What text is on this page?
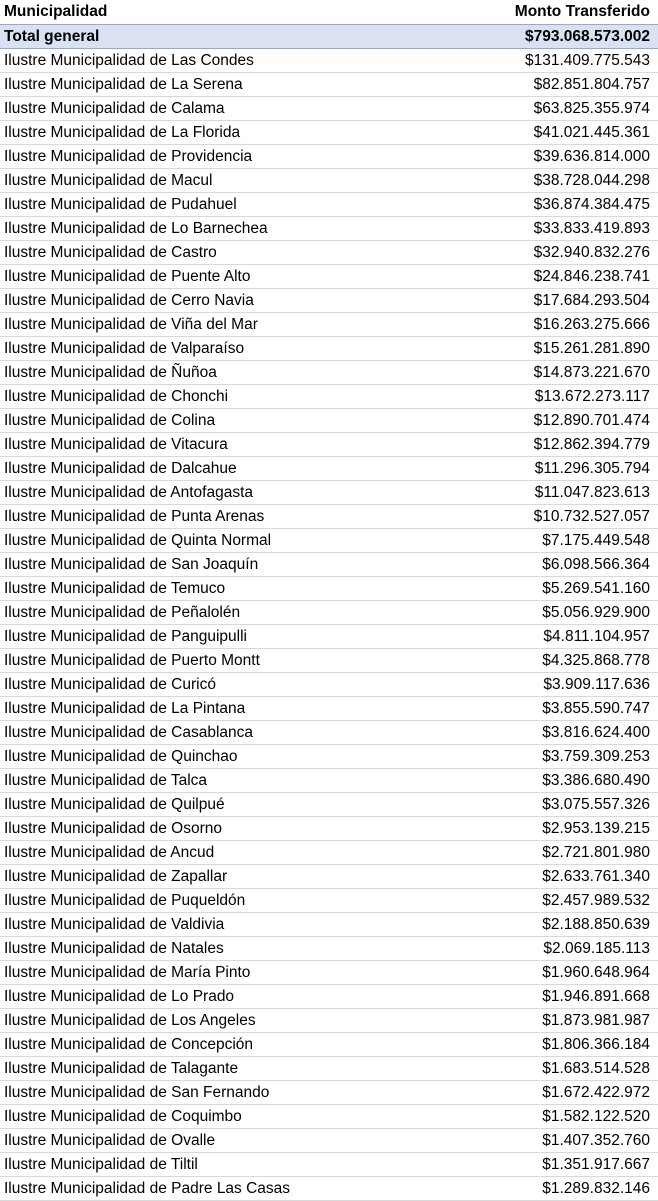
Municipalidad	Monto Transferido
Total general	$793.068.573.002
Ilustre Municipalidad de Las Condes	$131.409.775.543
Ilustre Municipalidad de La Serena	$82.851.804.757
Ilustre Municipalidad de Calama	$63.825.355.974
Ilustre Municipalidad de La Florida	$41.021.445.361
Ilustre Municipalidad de Providencia	$39.636.814.000
Ilustre Municipalidad de Macul	$38.728.044.298
Ilustre Municipalidad de Pudahuel	$36.874.384.475
Ilustre Municipalidad de Lo Barnechea	$33.833.419.893
Ilustre Municipalidad de Castro	$32.940.832.276
Ilustre Municipalidad de Puente Alto	$24.846.238.741
Ilustre Municipalidad de Cerro Navia	$17.684.293.504
Ilustre Municipalidad de Viña del Mar	$16.263.275.666
Ilustre Municipalidad de Valparaíso	$15.261.281.890
Ilustre Municipalidad de Ñuñoa	$14.873.221.670
Ilustre Municipalidad de Chonchi	$13.672.273.117
Ilustre Municipalidad de Colina	$12.890.701.474
Ilustre Municipalidad de Vitacura	$12.862.394.779
Ilustre Municipalidad de Dalcahue	$11.296.305.794
Ilustre Municipalidad de Antofagasta	$11.047.823.613
Ilustre Municipalidad de Punta Arenas	$10.732.527.057
Ilustre Municipalidad de Quinta Normal	$7.175.449.548
Ilustre Municipalidad de San Joaquín	$6.098.566.364
Ilustre Municipalidad de Temuco	$5.269.541.160
Ilustre Municipalidad de Peñalolén	$5.056.929.900
Ilustre Municipalidad de Panguipulli	$4.811.104.957
Ilustre Municipalidad de Puerto Montt	$4.325.868.778
Ilustre Municipalidad de Curicó	$3.909.117.636
Ilustre Municipalidad de La Pintana	$3.855.590.747
Ilustre Municipalidad de Casablanca	$3.816.624.400
Ilustre Municipalidad de Quinchao	$3.759.309.253
Ilustre Municipalidad de Talca	$3.386.680.490
Ilustre Municipalidad de Quilpué	$3.075.557.326
Ilustre Municipalidad de Osorno	$2.953.139.215
Ilustre Municipalidad de Ancud	$2.721.801.980
Ilustre Municipalidad de Zapallar	$2.633.761.340
Ilustre Municipalidad de Puqueldón	$2.457.989.532
Ilustre Municipalidad de Valdivia	$2.188.850.639
Ilustre Municipalidad de Natales	$2.069.185.113
Ilustre Municipalidad de María Pinto	$1.960.648.964
Ilustre Municipalidad de Lo Prado	$1.946.891.668
Ilustre Municipalidad de Los Angeles	$1.873.981.987
Ilustre Municipalidad de Concepción	$1.806.366.184
Ilustre Municipalidad de Talagante	$1.683.514.528
Ilustre Municipalidad de San Fernando	$1.672.422.972
Ilustre Municipalidad de Coquimbo	$1.582.122.520
Ilustre Municipalidad de Ovalle	$1.407.352.760
Ilustre Municipalidad de Tiltil	$1.351.917.667
Ilustre Municipalidad de Padre Las Casas	$1.289.832.146
